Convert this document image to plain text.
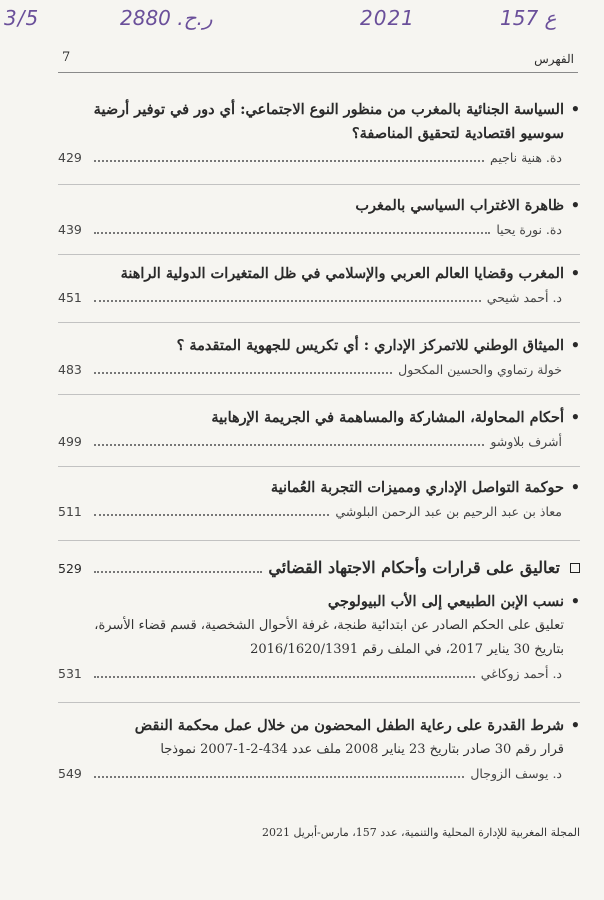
3/5	ر.ح. 2880	2021	157 ع
الفهرس
7
•
السياسة الجنائية بالمغرب من منظور النوع الاجتماعي: أي دور في توفير أرضية
سوسيو اقتصادية لتحقيق المناصفة؟
دة. هنية ناجيم
429
•
ظاهرة الاغتراب السياسي بالمغرب
دة. نورة يحيا
439
•
المغرب وقضايا العالم العربي والإسلامي في ظل المتغيرات الدولية الراهنة
د. أحمد شيحي
451
•
الميثاق الوطني للاتمركز الإداري : أي تكريس للجهوية المتقدمة ؟
خولة رتماوي والحسين المكحول
483
•
أحكام المحاولة، المشاركة والمساهمة في الجريمة الإرهابية
أشرف بلاوشو
499
•
حوكمة التواصل الإداري ومميزات التجربة العُمانية
معاذ بن عبد الرحيم بن عبد الرحمن البلوشي
511
تعاليق على قرارات وأحكام الاجتهاد القضائي
529
•
نسب الإبن الطبيعي إلى الأب البيولوجي
تعليق على الحكم الصادر عن ابتدائية طنجة، غرفة الأحوال الشخصية، قسم قضاء الأسرة،
بتاريخ 30 يناير 2017، في الملف رقم 2016/1620/1391
د. أحمد زوكاغي
531
•
شرط القدرة على رعاية الطفل المحضون من خلال عمل محكمة النقض
قرار رقم 30 صادر بتاريخ 23 يناير 2008 ملف عدد 434-2-1-2007 نموذجا
د. يوسف الزوجال
549
المجلة المغربية للإدارة المحلية والتنمية، عدد 157، مارس-أبريل 2021
